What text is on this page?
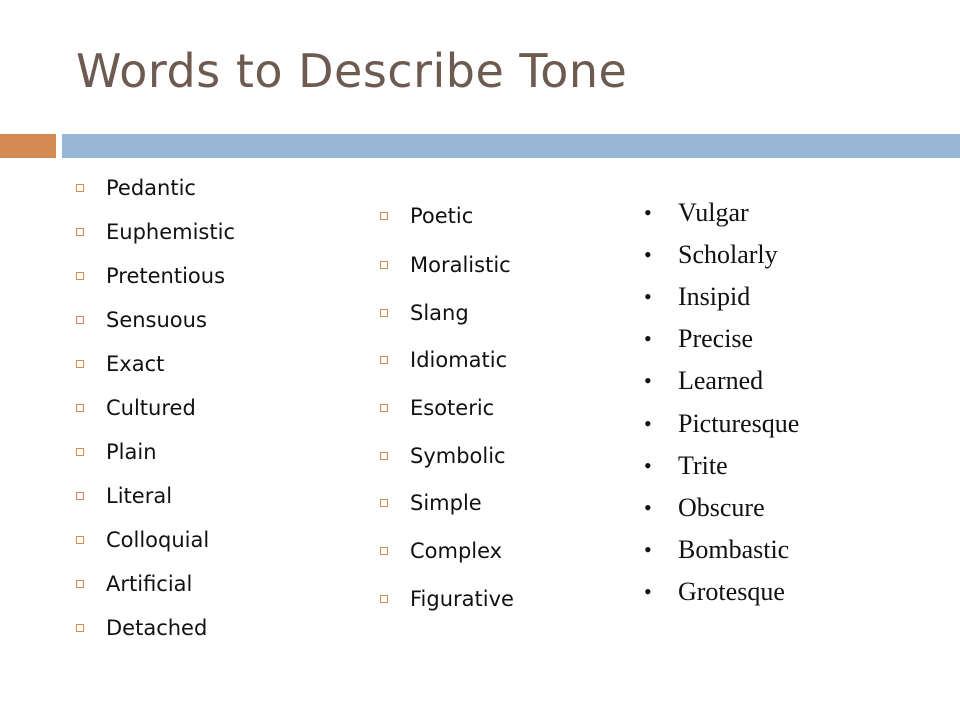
Words to Describe Tone
Pedantic
Euphemistic
Pretentious
Sensuous
Exact
Cultured
Plain
Literal
Colloquial
Artificial
Detached
Poetic
Moralistic
Slang
Idiomatic
Esoteric
Symbolic
Simple
Complex
Figurative
•	Vulgar
•	Scholarly
•	Insipid
•	Precise
•	Learned
•	Picturesque
•	Trite
•	Obscure
•	Bombastic
•	Grotesque
